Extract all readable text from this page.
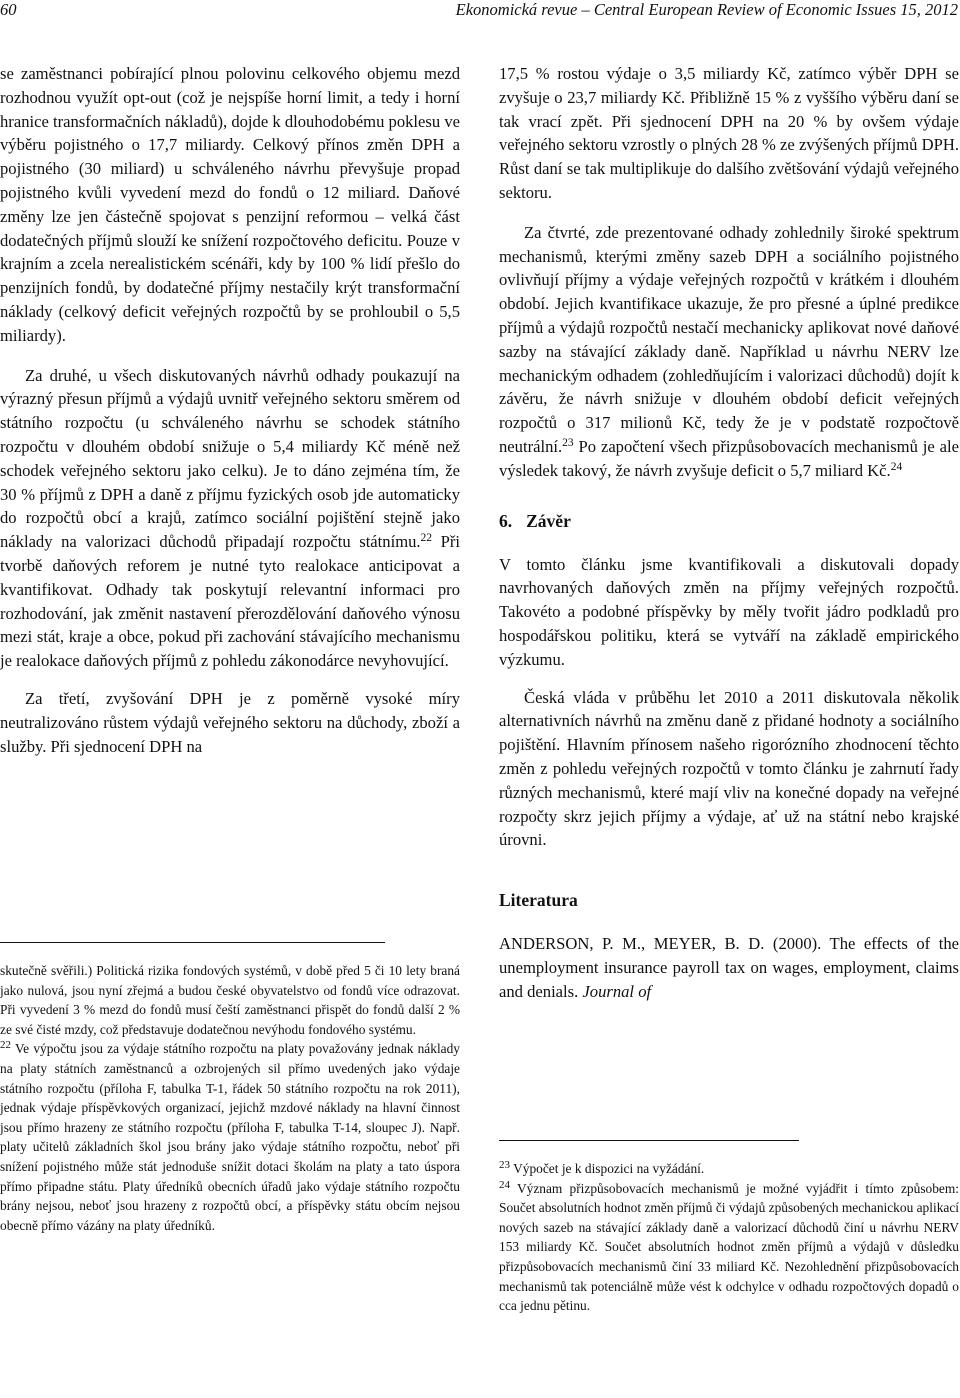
60	Ekonomická revue – Central European Review of Economic Issues 15, 2012

se zaměstnanci pobírající plnou polovinu celkového objemu mezd rozhodnou využít opt-out (což je nejspíše horní limit, a tedy i horní hranice transformačních nákladů), dojde k dlouhodobému poklesu ve výběru pojistného o 17,7 miliardy. Celkový přínos změn DPH a pojistného (30 miliard) u schváleného návrhu převyšuje propad pojistného kvůli vyvedení mezd do fondů o 12 miliard. Daňové změny lze jen částečně spojovat s penzijní reformou – velká část dodatečných příjmů slouží ke snížení rozpočtového deficitu. Pouze v krajním a zcela nerealistickém scénáři, kdy by 100 % lidí přešlo do penzijních fondů, by dodatečné příjmy nestačily krýt transformační náklady (celkový deficit veřejných rozpočtů by se prohloubil o 5,5 miliardy).

Za druhé, u všech diskutovaných návrhů odhady poukazují na výrazný přesun příjmů a výdajů uvnitř veřejného sektoru směrem od státního rozpočtu (u schváleného návrhu se schodek státního rozpočtu v dlouhém období snižuje o 5,4 miliardy Kč méně než schodek veřejného sektoru jako celku). Je to dáno zejména tím, že 30 % příjmů z DPH a daně z příjmu fyzických osob jde automaticky do rozpočtů obcí a krajů, zatímco sociální pojištění stejně jako náklady na valorizaci důchodů připadají rozpočtu státnímu.$^{22}$ Při tvorbě daňových reforem je nutné tyto realokace anticipovat a kvantifikovat. Odhady tak poskytují relevantní informaci pro rozhodování, jak změnit nastavení přerozdělování daňového výnosu mezi stát, kraje a obce, pokud při zachování stávajícího mechanismu je realokace daňových příjmů z pohledu zákonodárce nevyhovující.

Za třetí, zvyšování DPH je z poměrně vysoké míry neutralizováno růstem výdajů veřejného sektoru na důchody, zboží a služby. Při sjednocení DPH na

skutečně svěřili.) Politická rizika fondových systémů, v době před 5 či 10 lety braná jako nulová, jsou nyní zřejmá a budou české obyvatelstvo od fondů více odrazovat. Při vyvedení 3 % mezd do fondů musí čeští zaměstnanci přispět do fondů další 2 % ze své čisté mzdy, což představuje dodatečnou nevýhodu fondového systému.

$^{22}$ Ve výpočtu jsou za výdaje státního rozpočtu na platy považovány jednak náklady na platy státních zaměstnanců a ozbrojených sil přímo uvedených jako výdaje státního rozpočtu (příloha F, tabulka T-1, řádek 50 státního rozpočtu na rok 2011), jednak výdaje příspěvkových organizací, jejichž mzdové náklady na hlavní činnost jsou přímo hrazeny ze státního rozpočtu (příloha F, tabulka T-14, sloupec J). Např. platy učitelů základních škol jsou brány jako výdaje státního rozpočtu, neboť při snížení pojistného může stát jednoduše snížit dotaci školám na platy a tato úspora přímo připadne státu. Platy úředníků obecních úřadů jako výdaje státního rozpočtu brány nejsou, neboť jsou hrazeny z rozpočtů obcí, a příspěvky státu obcím nejsou obecně přímo vázány na platy úředníků.

17,5 % rostou výdaje o 3,5 miliardy Kč, zatímco výběr DPH se zvyšuje o 23,7 miliardy Kč. Přibližně 15 % z vyššího výběru daní se tak vrací zpět. Při sjednocení DPH na 20 % by ovšem výdaje veřejného sektoru vzrostly o plných 28 % ze zvýšených příjmů DPH. Růst daní se tak multiplikuje do dalšího zvětšování výdajů veřejného sektoru.

Za čtvrté, zde prezentované odhady zohlednily široké spektrum mechanismů, kterými změny sazeb DPH a sociálního pojistného ovlivňují příjmy a výdaje veřejných rozpočtů v krátkém i dlouhém období. Jejich kvantifikace ukazuje, že pro přesné a úplné predikce příjmů a výdajů rozpočtů nestačí mechanicky aplikovat nové daňové sazby na stávající základy daně. Například u návrhu NERV lze mechanickým odhadem (zohledňujícím i valorizaci důchodů) dojít k závěru, že návrh snižuje v dlouhém období deficit veřejných rozpočtů o 317 milionů Kč, tedy že je v podstatě rozpočtově neutrální.$^{23}$ Po započtení všech přizpůsobovacích mechanismů je ale výsledek takový, že návrh zvyšuje deficit o 5,7 miliard Kč.$^{24}$

6. Závěr

V tomto článku jsme kvantifikovali a diskutovali dopady navrhovaných daňových změn na příjmy veřejných rozpočtů. Takovéto a podobné příspěvky by měly tvořit jádro podkladů pro hospodářskou politiku, která se vytváří na základě empirického výzkumu.

Česká vláda v průběhu let 2010 a 2011 diskutovala několik alternativních návrhů na změnu daně z přidané hodnoty a sociálního pojištění. Hlavním přínosem našeho rigorózního zhodnocení těchto změn z pohledu veřejných rozpočtů v tomto článku je zahrnutí řady různých mechanismů, které mají vliv na konečné dopady na veřejné rozpočty skrz jejich příjmy a výdaje, ať už na státní nebo krajské úrovni.

Literatura

ANDERSON, P. M., MEYER, B. D. (2000). The effects of the unemployment insurance payroll tax on wages, employment, claims and denials. Journal of

$^{23}$ Výpočet je k dispozici na vyžádání.

$^{24}$ Význam přizpůsobovacích mechanismů je možné vyjádřit i tímto způsobem: Součet absolutních hodnot změn příjmů či výdajů způsobených mechanickou aplikací nových sazeb na stávající základy daně a valorizací důchodů činí u návrhu NERV 153 miliardy Kč. Součet absolutních hodnot změn příjmů a výdajů v důsledku přizpůsobovacích mechanismů činí 33 miliard Kč. Nezohlednění přizpůsobovacích mechanismů tak potenciálně může vést k odchylce v odhadu rozpočtových dopadů o cca jednu pětinu.
